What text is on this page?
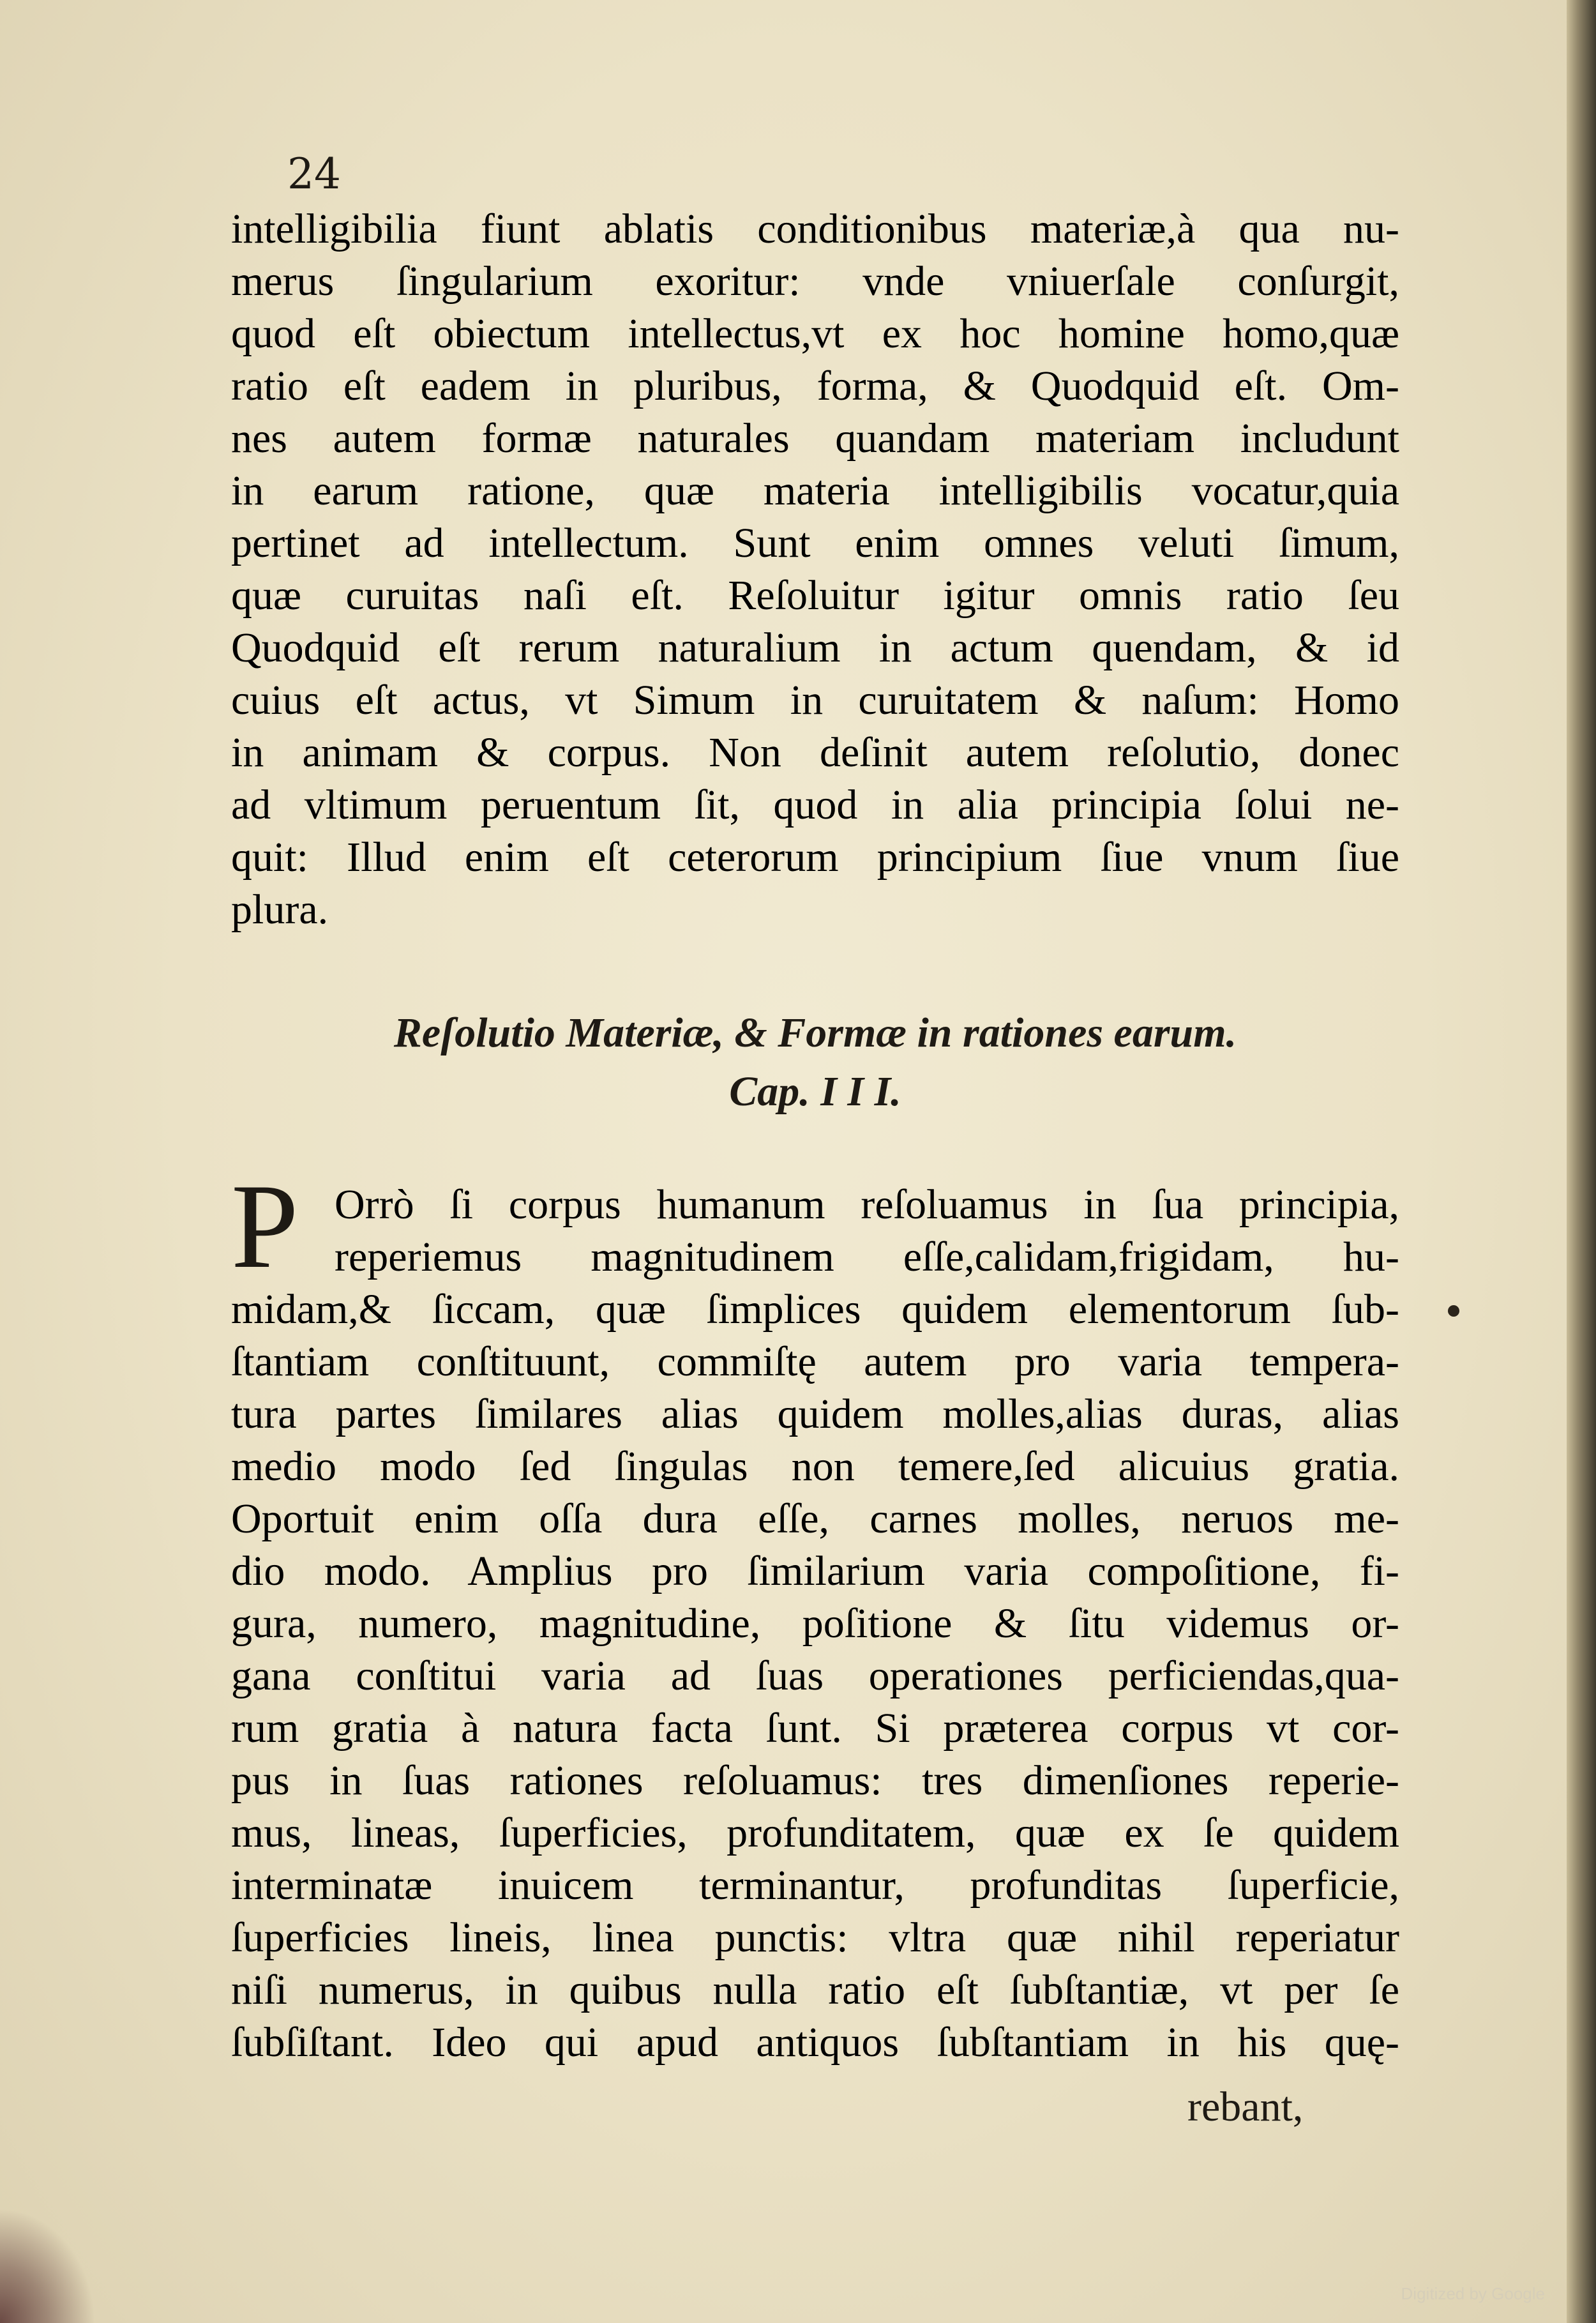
24
intelligibilia fiunt ablatis conditionibus materiæ,à qua nu-
merus ſingularium exoritur: vnde vniuerſale conſurgit,
quod eſt obiectum intellectus,vt ex hoc homine homo,quæ
ratio eſt eadem in pluribus, forma, & Quodquid eſt. Om-
nes autem formæ naturales quandam materiam includunt
in earum ratione, quæ materia intelligibilis vocatur,quia
pertinet ad intellectum. Sunt enim omnes veluti ſimum,
quæ curuitas naſi eſt. Reſoluitur igitur omnis ratio ſeu
Quodquid eſt rerum naturalium in actum quendam, & id
cuius eſt actus, vt Simum in curuitatem & naſum: Homo
in animam & corpus. Non deſinit autem reſolutio, donec
ad vltimum peruentum ſit, quod in alia principia ſolui ne-
quit: Illud enim eſt ceterorum principium ſiue vnum ſiue
plura.
Reſolutio Materiæ, & Formæ in rationes earum.
Cap. I I I.
P Orrò ſi corpus humanum reſoluamus in ſua principia,
reperiemus magnitudinem eſſe,calidam,frigidam, hu-
midam,& ſiccam, quæ ſimplices quidem elementorum ſub-
ſtantiam conſtituunt, commiſtę autem pro varia tempera-
tura partes ſimilares alias quidem molles,alias duras, alias
medio modo ſed ſingulas non temere,ſed alicuius gratia.
Oportuit enim oſſa dura eſſe, carnes molles, neruos me-
dio modo. Amplius pro ſimilarium varia compoſitione, fi-
gura, numero, magnitudine, poſitione & ſitu videmus or-
gana conſtitui varia ad ſuas operationes perficiendas,qua-
rum gratia à natura facta ſunt. Si præterea corpus vt cor-
pus in ſuas rationes reſoluamus: tres dimenſiones reperie-
mus, lineas, ſuperficies, profunditatem, quæ ex ſe quidem
interminatæ inuicem terminantur, profunditas ſuperficie,
ſuperficies lineis, linea punctis: vltra quæ nihil reperiatur
niſi numerus, in quibus nulla ratio eſt ſubſtantiæ, vt per ſe
ſubſiſtant. Ideo qui apud antiquos ſubſtantiam in his quę-
rebant,
Digitized by Google
